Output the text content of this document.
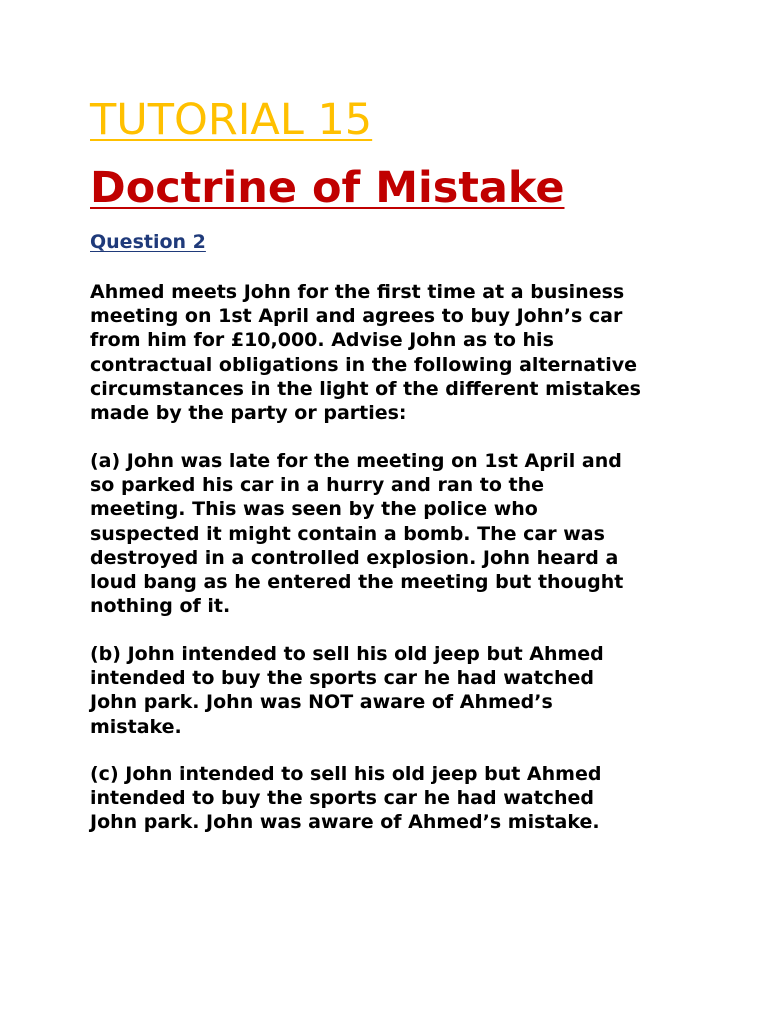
TUTORIAL 15
Doctrine of Mistake
Question 2

Ahmed meets John for the first time at a business
meeting on 1st April and agrees to buy John’s car
from him for £10,000. Advise John as to his
contractual obligations in the following alternative
circumstances in the light of the different mistakes
made by the party or parties:

(a) John was late for the meeting on 1st April and
so parked his car in a hurry and ran to the
meeting. This was seen by the police who
suspected it might contain a bomb. The car was
destroyed in a controlled explosion. John heard a
loud bang as he entered the meeting but thought
nothing of it.

(b) John intended to sell his old jeep but Ahmed
intended to buy the sports car he had watched
John park. John was NOT aware of Ahmed’s
mistake.

(c) John intended to sell his old jeep but Ahmed
intended to buy the sports car he had watched
John park. John was aware of Ahmed’s mistake.
